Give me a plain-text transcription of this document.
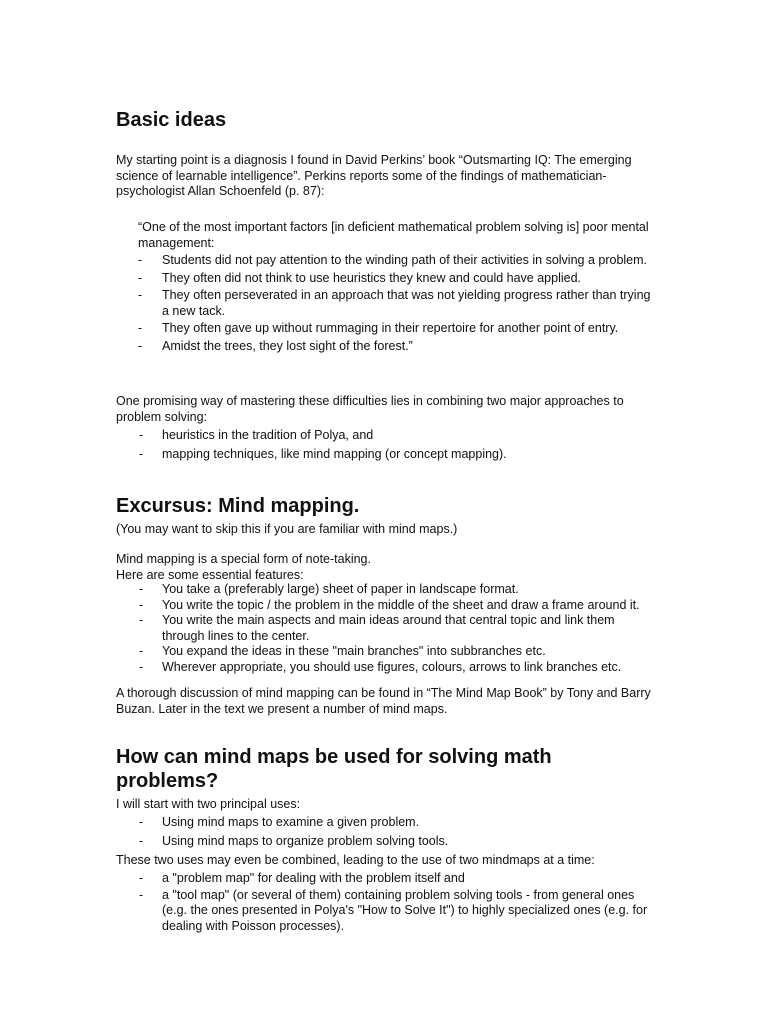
Basic ideas

My starting point is a diagnosis I found in David Perkins’ book “Outsmarting IQ: The emerging science of learnable intelligence”. Perkins reports some of the findings of mathematician-psychologist Allan Schoenfeld (p. 87):

“One of the most important factors [in deficient mathematical problem solving is] poor mental management:

- Students did not pay attention to the winding path of their activities in solving a problem.
- They often did not think to use heuristics they knew and could have applied.
- They often perseverated in an approach that was not yielding progress rather than trying a new tack.
- They often gave up without rummaging in their repertoire for another point of entry.
- Amidst the trees, they lost sight of the forest.”

One promising way of mastering these difficulties lies in combining two major approaches to problem solving:

- heuristics in the tradition of Polya, and
- mapping techniques, like mind mapping (or concept mapping).
Excursus: Mind mapping.

(You may want to skip this if you are familiar with mind maps.)

Mind mapping is a special form of note-taking.

Here are some essential features:

- You take a (preferably large) sheet of paper in landscape format.
- You write the topic / the problem in the middle of the sheet and draw a frame around it.
- You write the main aspects and main ideas around that central topic and link them through lines to the center.
- You expand the ideas in these "main branches" into subbranches etc.
- Wherever appropriate, you should use figures, colours, arrows to link branches etc.

A thorough discussion of mind mapping can be found in “The Mind Map Book” by Tony and Barry Buzan. Later in the text we present a number of mind maps.

How can mind maps be used for solving math problems?

I will start with two principal uses:

- Using mind maps to examine a given problem.
- Using mind maps to organize problem solving tools.

These two uses may even be combined, leading to the use of two mindmaps at a time:

- a "problem map" for dealing with the problem itself and
- a "tool map" (or several of them) containing problem solving tools - from general ones (e.g. the ones presented in Polya's "How to Solve It") to highly specialized ones (e.g. for dealing with Poisson processes).
